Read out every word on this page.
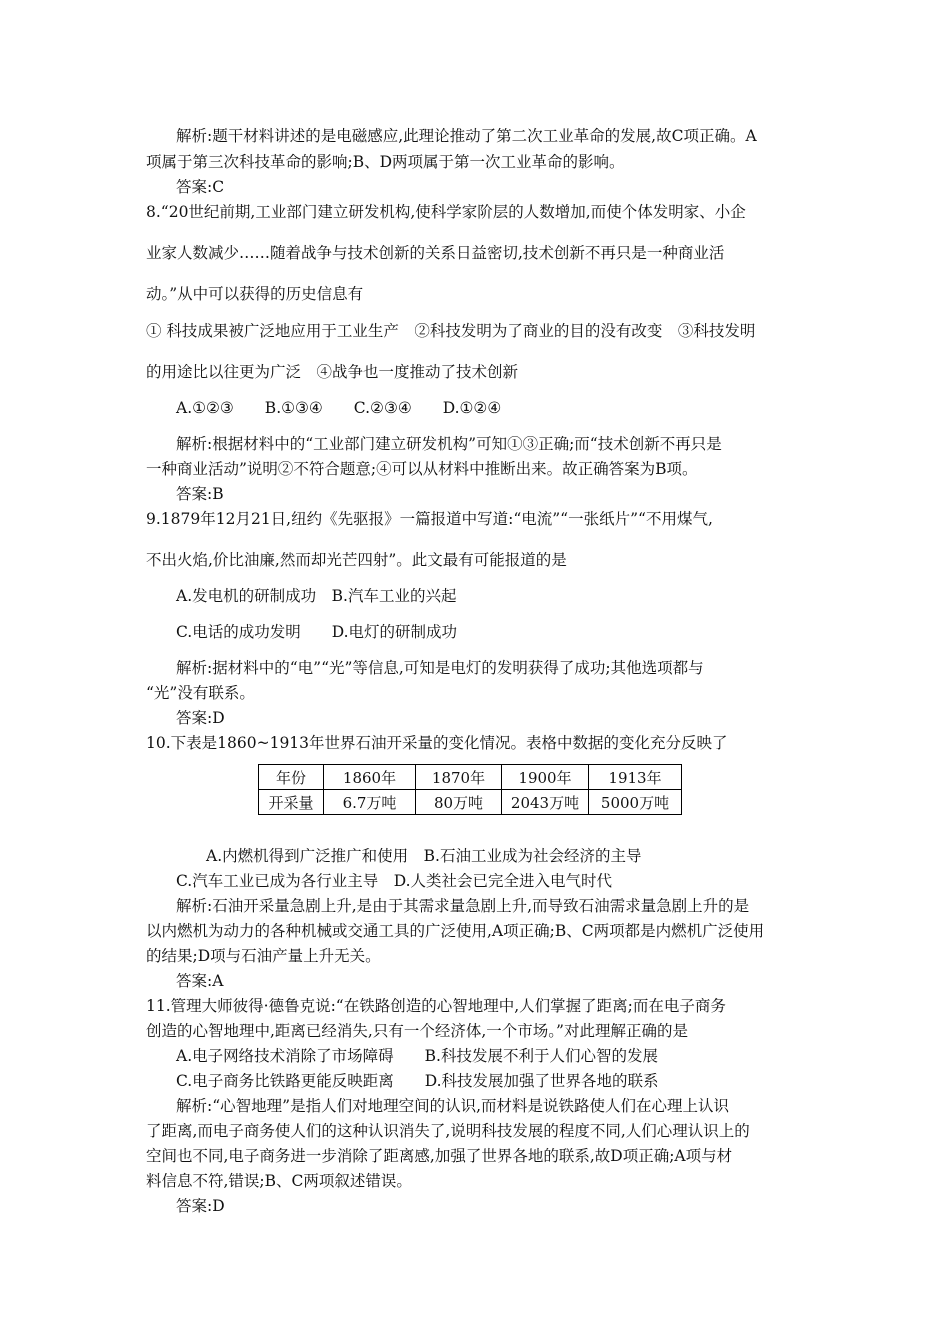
解析:题干材料讲述的是电磁感应,此理论推动了第二次工业革命的发展,故C项正确。A
项属于第三次科技革命的影响;B、D两项属于第一次工业革命的影响。
答案:C
8.“20世纪前期,工业部门建立研发机构,使科学家阶层的人数增加,而使个体发明家、小企
业家人数减少……随着战争与技术创新的关系日益密切,技术创新不再只是一种商业活
动。”从中可以获得的历史信息有
① 科技成果被广泛地应用于工业生产　②科技发明为了商业的目的没有改变　③科技发明
的用途比以往更为广泛　④战争也一度推动了技术创新
A.①②③　　B.①③④　　C.②③④　　D.①②④
解析:根据材料中的“工业部门建立研发机构”可知①③正确;而“技术创新不再只是
一种商业活动”说明②不符合题意;④可以从材料中推断出来。故正确答案为B项。
答案:B
9.1879年12月21日,纽约《先驱报》一篇报道中写道:“电流”“一张纸片”“不用煤气,
不出火焰,价比油廉,然而却光芒四射”。此文最有可能报道的是
A.发电机的研制成功　B.汽车工业的兴起
C.电话的成功发明　　D.电灯的研制成功
解析:据材料中的“电”“光”等信息,可知是电灯的发明获得了成功;其他选项都与
“光”没有联系。
答案:D
10.下表是1860~1913年世界石油开采量的变化情况。表格中数据的变化充分反映了
年份	1860年	1870年	1900年	1913年
开采量	6.7万吨	80万吨	2043万吨	5000万吨
A.内燃机得到广泛推广和使用　B.石油工业成为社会经济的主导
C.汽车工业已成为各行业主导　D.人类社会已完全进入电气时代
解析:石油开采量急剧上升,是由于其需求量急剧上升,而导致石油需求量急剧上升的是
以内燃机为动力的各种机械或交通工具的广泛使用,A项正确;B、C两项都是内燃机广泛使用
的结果;D项与石油产量上升无关。
答案:A
11.管理大师彼得·德鲁克说:“在铁路创造的心智地理中,人们掌握了距离;而在电子商务
创造的心智地理中,距离已经消失,只有一个经济体,一个市场。”对此理解正确的是
A.电子网络技术消除了市场障碍　　B.科技发展不利于人们心智的发展
C.电子商务比铁路更能反映距离　　D.科技发展加强了世界各地的联系
解析:“心智地理”是指人们对地理空间的认识,而材料是说铁路使人们在心理上认识
了距离,而电子商务使人们的这种认识消失了,说明科技发展的程度不同,人们心理认识上的
空间也不同,电子商务进一步消除了距离感,加强了世界各地的联系,故D项正确;A项与材
料信息不符,错误;B、C两项叙述错误。
答案:D
